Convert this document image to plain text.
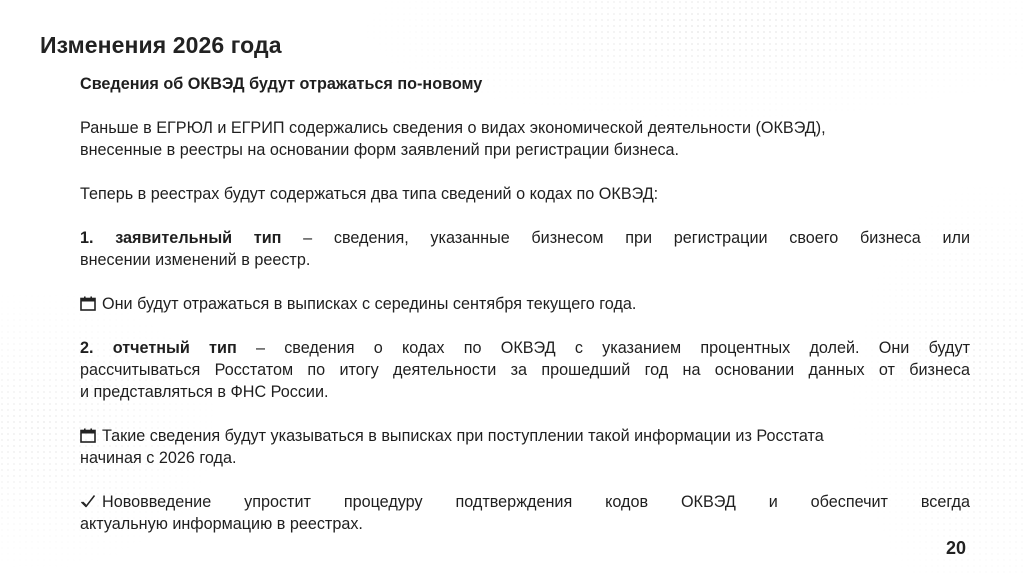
Изменения 2026 года
Сведения об ОКВЭД будут отражаться по-новому
Раньше в ЕГРЮЛ и ЕГРИП содержались сведения о видах экономической деятельности (ОКВЭД),
внесенные в реестры на основании форм заявлений при регистрации бизнеса.
Теперь в реестрах будут содержаться два типа сведений о кодах по ОКВЭД:
1. заявительный тип – сведения, указанные бизнесом при регистрации своего бизнеса или
внесении изменений в реестр.
Они будут отражаться в выписках с середины сентября текущего года.
2. отчетный тип – сведения о кодах по ОКВЭД с указанием процентных долей. Они будут
рассчитываться Росстатом по итогу деятельности за прошедший год на основании данных от бизнеса
и представляться в ФНС России.
Такие сведения будут указываться в выписках при поступлении такой информации из Росстата
начиная с 2026 года.
Нововведение упростит процедуру подтверждения кодов ОКВЭД и обеспечит всегда
актуальную информацию в реестрах.
20
